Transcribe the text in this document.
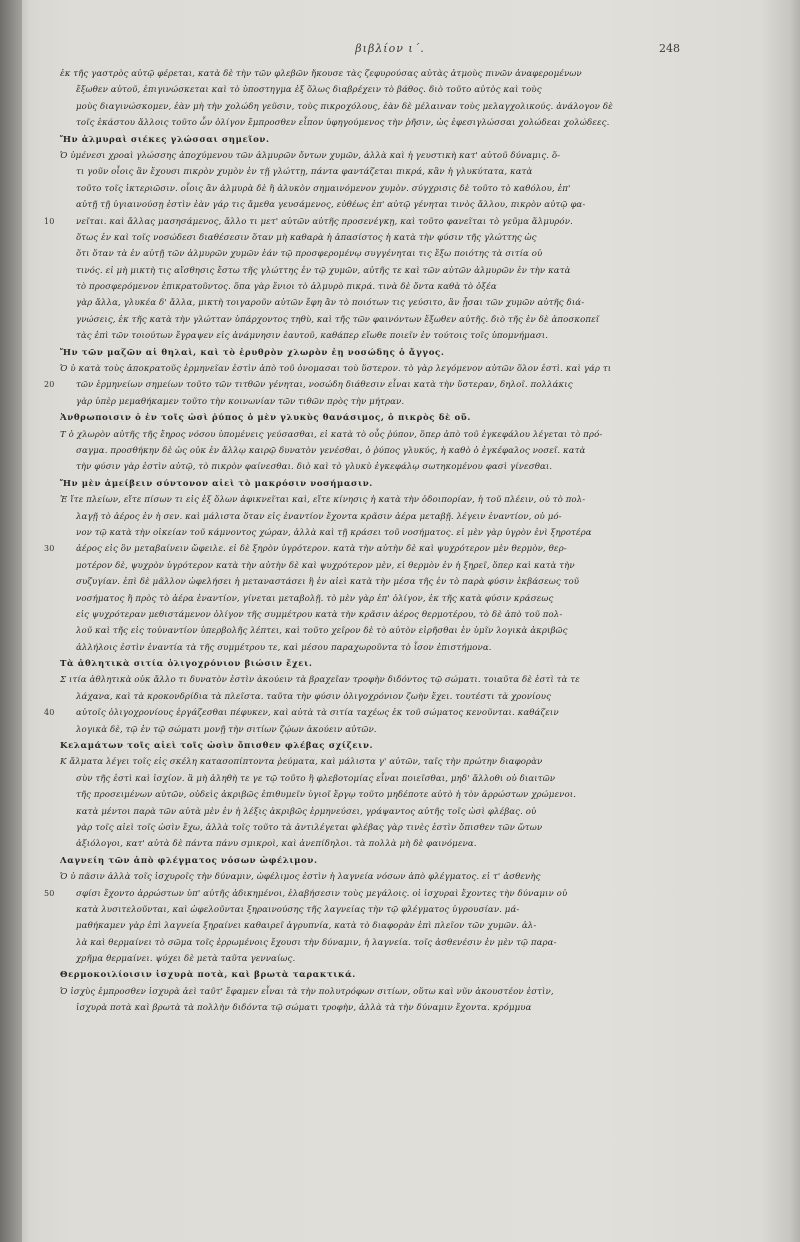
βιβλίον ι΄.	248
ἐκ τῆς γαστρὸς αὐτῷ φέρεται, κατὰ δὲ τὴν τῶν φλεβῶν ἤκουσε τὰς ζεφυρούσας αὐτὰς ἀτμοὺς πινῶν ἀναφερομένων
ἔξωθεν αὐτοῦ, ἐπιγινώσκεται καὶ τὸ ὑποστηγμα ἐξ ὅλως διαβρέχειν τὸ βάθος. διὸ τοῦτο αὐτὸς καὶ τοὺς
μοὺς διαγινώσκομεν, ἐὰν μὴ τὴν χολώδη γεῦσιν, τοὺς πικροχόλους, ἐὰν δὲ μέλαιναν τοὺς μελαγχολικούς. ἀνάλογον δὲ
τοῖς ἑκάστου ἄλλοις τοῦτο ὧν ὀλίγον ἔμπροσθεν εἶπον ὑφηγούμενος τὴν ῥῆσιν, ὡς ἐφεσιγλώσσαι χολώδεαι χολώδεες.
Ἤν ἁλμυραὶ σιέκες γλώσσαι σημεῖον.
Ὁ ὑμένεσι χροαὶ γλώσσης ἀποχύμενου τῶν ἀλμυρῶν ὄντων χυμῶν, ἀλλὰ καὶ ἡ γευστικὴ κατ' αὐτοῦ δύναμις. ὅ-
τι γοῦν οἷοις ἂν ἔχουσι πικρὸν χυμὸν ἐν τῇ γλώττῃ, πάντα φαντάζεται πικρά, κἂν ἡ γλυκύτατα, κατὰ
τοῦτο τοῖς ἰκτεριῶσιν. οἷοις ἂν ἁλμυρὰ δὲ ἢ ἁλυκὸν σημαινόμενον χυμὸν. σύγχρισις δὲ τοῦτο τὸ καθόλου, ἐπ'
αὐτῇ τῇ ὑγιαινούσῃ ἐστὶν ἐὰν γάρ τις ἄμεθα γευσάμενος, εὐθέως ἐπ' αὐτῷ γένηται τινὸς ἄλλου, πικρὸν αὐτῷ φα-
10	νεῖται. καὶ ἄλλας μασησάμενος, ἄλλο τι μετ' αὐτῶν αὐτῆς προσενέγκῃ, καὶ τοῦτο φανεῖται τὸ γεῦμα ἅλμυρόν.
ὅτως ἐν καὶ τοῖς νοσώδεσι διαθέσεσιν ὅταν μὴ καθαρὰ ἡ ἀπασίστος ἡ κατὰ τὴν φύσιν τῆς γλώττης ὡς
ὅτι ὅταν τὰ ἐν αὐτῇ τῶν ἀλμυρῶν χυμῶν ἐάν τῷ προσφερομένῳ συγγένηται τις ἔξω ποιότης τὰ σιτία οὐ
τινός. εἰ μὴ μικτὴ τις αἴσθησις ἔστω τῆς γλώττης ἐν τῷ χυμῶν, αὐτῆς τε καὶ τῶν αὐτῶν ἀλμυρῶν ἐν τὴν κατὰ
τὸ προσφερόμενον ἐπικρατοῦντος. ὅπα γὰρ ἔνιοι τὸ ἀλμυρὸ πικρά. τινὰ δὲ ὄντα καθὰ τὸ ὀξέα
γὰρ ἄλλα, γλυκέα δ' ἄλλα, μικτὴ τοιγαροῦν αὐτῶν ἔφη ἂν τὸ ποιότων τις γεύσιτο, ἂν ᾖσαι τῶν χυμῶν αὐτῆς διά-
γνώσεις, ἐκ τῆς κατὰ τὴν γλώτταν ὑπάρχοντος τηθὺ, καὶ τῆς τῶν φαινόντων ἔξωθεν αὐτῆς. διὸ τῆς ἐν δὲ ἀποσκοπεῖ
τὰς ἐπὶ τῶν τοιούτων ἔγραψεν εἰς ἀνάμνησιν ἐαυτοῦ, καθάπερ εἴωθε ποιεῖν ἐν τούτοις τοῖς ὑπομνήμασι.
Ἤν τῶν μαζῶν αἱ θηλαὶ, καὶ τὸ ἐρυθρὸν χλωρὸν ἐῃ νοσώδης ὁ ἄγγος.
Ὁ ὑ κατὰ τοὺς ἀποκρατοῦς ἑρμηνεῖαν ἐστὶν ἀπὸ τοῦ ὀνομασαι τοὺ ὕστερον. τὸ γὰρ λεγόμενον αὐτῶν ὅλον ἐστὶ. καὶ γάρ τι
20	τῶν ἑρμηνείων σημείων τοῦτο τῶν τιτθῶν γένηται, νοσώδη διάθεσιν εἶναι κατὰ τὴν ὕστεραν, δηλοῖ. πολλάκις
γὰρ ὑπὲρ μεμαθήκαμεν τοῦτο τὴν κοινωνίαν τῶν τιθῶν πρὸς τὴν μήτραν.
Ἀνθρωποισιν ὁ ἐν τοῖς ὠσὶ ῥύπος ὁ μὲν γλυκὺς θανάσιμος, ὁ πικρὸς δὲ οὔ.
Τ ὁ χλωρὸν αὐτῆς τῆς ἔηρος νόσου ὑπομένεις γεύσασθαι, εἰ κατὰ τὸ οὖς ῥύπον, ὅπερ ἀπὸ τοῦ ἐγκεφάλου λέγεται τὸ πρό-
σαγμα. προσθήκην δὲ ὡς οὐκ ἐν ἄλλῳ καιρῷ δυνατὸν γενέσθαι, ὁ ῥύπος γλυκύς, ἡ καθὸ ὁ ἐγκέφαλος νοσεῖ. κατὰ
τὴν φύσιν γὰρ ἐστὶν αὐτῷ, τὸ πικρὸν φαίνεσθαι. διὸ καὶ τὸ γλυκὺ ἐγκεφάλῳ σωτηκομένου φασὶ γίνεσθαι.
Ἤν μὲν ἀμείβειν σύντονον αἰεὶ τὸ μακρόσιν νοσήμασιν.
Ἐ ἴτε πλείων, εἴτε πίσων τι εἰς ἐξ ὅλων ἀφικνεῖται καὶ, εἴτε κίνησις ἡ κατὰ τὴν ὁδοιπορίαν, ἡ τοῦ πλέειν, οὐ τὸ πολ-
λαγῇ τὸ ἀέρος ἐν ἡ σεν. καὶ μάλιστα ὅταν εἰς ἐναντίον ἔχοντα κρᾶσιν ἀέρα μεταβῇ. λέγειν ἐναντίον, οὐ μό-
νον τῷ κατὰ τὴν οἰκείαν τοῦ κάμνοντος χώραν, ἀλλὰ καὶ τῇ κράσει τοῦ νοσήματος. εἰ μὲν γὰρ ὑγρὸν ἐνὶ ξηροτέρα
30	ἀέρος εἰς ὃν μεταβαίνειν ὤφειλε. εἰ δὲ ξηρὸν ὑγρότερον. κατὰ τὴν αὐτὴν δὲ καὶ ψυχρότερον μὲν θερμὸν, θερ-
μοτέρον δὲ, ψυχρὸν ὑγρότερον κατὰ τὴν αὐτὴν δὲ καὶ ψυχρότερον μὲν, εἰ θερμὸν ἐν ἡ ξηρεῖ, ὅπερ καὶ κατὰ τὴν
συζυγίαν. ἐπὶ δὲ μᾶλλον ὠφελήσει ἡ μεταναστάσει ἢ ἐν αἰεὶ κατὰ τὴν μέσα τῆς ἐν τὸ παρὰ φύσιν ἐκβάσεως τοῦ
νοσήματος ἢ πρὸς τὸ ἀέρα ἐναντίον, γίνεται μεταβολῇ. τὸ μὲν γὰρ ἐπ' ὀλίγον, ἐκ τῆς κατὰ φύσιν κράσεως
εἰς ψυχρότεραν μεθιστάμενον ὀλίγον τῆς συμμέτρου κατὰ τὴν κρᾶσιν ἀέρος θερμοτέρου, τὸ δὲ ἀπὸ τοῦ πολ-
λοῦ καὶ τῆς εἰς τοὐναντίον ὑπερβολῆς λέπτει, καὶ τοῦτο χεῖρον δὲ τὸ αὐτὸν εἰρῆσθαι ἐν ὑμῖν λογικὰ ἀκριβῶς
ἀλλήλοις ἐστὶν ἐναντία τὰ τῆς συμμέτρου τε, καὶ μέσου παραχωροῦντα τὸ ἶσον ἐπιστήμονα.
Τὰ ἀθλητικὰ σιτία ὀλιγοχρόνιον βιώσιν ἔχει.
Σ ιτία ἀθλητικὰ οὐκ ἄλλο τι δυνατὸν ἐστὶν ἀκούειν τὰ βραχεῖαν τροφὴν διδόντος τῷ σώματι. τοιαῦτα δὲ ἐστὶ τὰ τε
λάχανα, καὶ τὰ κροκονδρίδια τὰ πλεῖστα. ταῦτα τὴν φύσιν ὀλιγοχρόνιον ζωὴν ἔχει. τουτέστι τὰ χρονίους
40	αὐτοῖς ὀλιγοχρονίους ἐργάζεσθαι πέφυκεν, καὶ αὐτὰ τὰ σιτία ταχέως ἐκ τοῦ σώματος κενοῦνται. καθάζειν
λογικὰ δὲ, τῷ ἐν τῷ σώματι μονῇ τὴν σιτίων ζῴων ἀκούειν αὐτῶν.
Κελαμάτων τοῖς αἰεὶ τοῖς ὠσὶν ὄπισθεν φλέβας σχίζειν.
Κ ἄλματα λέγει τοῖς εἰς σκέλη κατασοπίπτοντα ῥεύματα, καὶ μάλιστα γ' αὐτῶν, ταῖς τὴν πρώτην διαφορὰν
σὺν τῆς ἐστὶ καὶ ἰσχίον. ἃ μὴ ἀληθὴ τε γε τῷ τοῦτο ἢ φλεβοτομίας εἶναι ποιεῖσθαι, μηδ' ἄλλοθι οὐ διαιτῶν
τῆς προσειμένων αὐτῶν, οὐδεὶς ἀκριβῶς ἐπιθυμεῖν ὑγιοῖ ἔργῳ τοῦτο μηδέποτε αὐτὸ ἡ τὸν ἀρρώστων χρώμενοι.
κατὰ μέντοι παρὰ τῶν αὐτὰ μὲν ἐν ἡ λέξις ἀκριβῶς ἑρμηνεύσει, γράψαντος αὐτῆς τοῖς ὠσὶ φλέβας. οὐ
γὰρ τοῖς αἰεὶ τοῖς ὠσὶν ἔχω, ἀλλὰ τοῖς τοῦτο τὰ ἀντιλέγεται φλέβας γὰρ τινὲς ἐστὶν ὄπισθεν τῶν ὤτων
ἀξιόλογοι, κατ' αὐτὰ δὲ πάντα πάνυ σμικροὶ, καὶ ἀνεπίδηλοι. τὰ πολλὰ μὴ δὲ φαινόμενα.
Λαγνείη τῶν ἀπὸ φλέγματος νόσων ὠφέλιμον.
Ὁ ὐ πᾶσιν ἀλλὰ τοῖς ἰσχυροῖς τὴν δύναμιν, ὠφέλιμος ἐστὶν ἡ λαγνεία νόσων ἀπὸ φλέγματος. εἰ τ' ἀσθενὴς
50	σφίσι ἔχοντο ἀρρώστων ὑπ' αὐτῆς ἀδικημένοι, ἐλαβήσεσιν τοὺς μεγάλοις. οἱ ἰσχυραὶ ἔχοντες τὴν δύναμιν οὐ
κατὰ λυσιτελοῦνται, καὶ ὠφελοῦνται ξηραινούσης τῆς λαγνείας τὴν τῷ φλέγματος ὑγρουσίαν. μά-
μαθήκαμεν γὰρ ἐπὶ λαγνεία ξηραίνει καθαιρεῖ ἀγρυπνία, κατὰ τὸ διαφορὰν ἐπὶ πλεῖον τῶν χυμῶν. ἁλ-
λὰ καὶ θερμαίνει τὸ σῶμα τοῖς ἐρρωμένοις ἔχουσι τὴν δύναμιν, ἡ λαγνεία. τοῖς ἀσθενέσιν ἐν μὲν τῷ παρα-
χρῆμα θερμαίνει. ψύχει δὲ μετὰ ταῦτα γενναίως.
Θερμοκοιλίοισιν ἰσχυρὰ ποτὰ, καὶ βρωτὰ ταρακτικά.
Ὁ ἰσχὺς ἐμπροσθεν ἰσχυρὰ ἀεὶ ταῦτ' ἔφαμεν εἶναι τὰ τὴν πολυτρόφων σιτίων, οὕτω καὶ νῦν ἀκουστέον ἐστὶν,
ἰσχυρὰ ποτὰ καὶ βρωτὰ τὰ πολλὴν διδόντα τῷ σώματι τροφὴν, ἀλλὰ τὰ τὴν δύναμιν ἔχοντα. κρόμμυα
